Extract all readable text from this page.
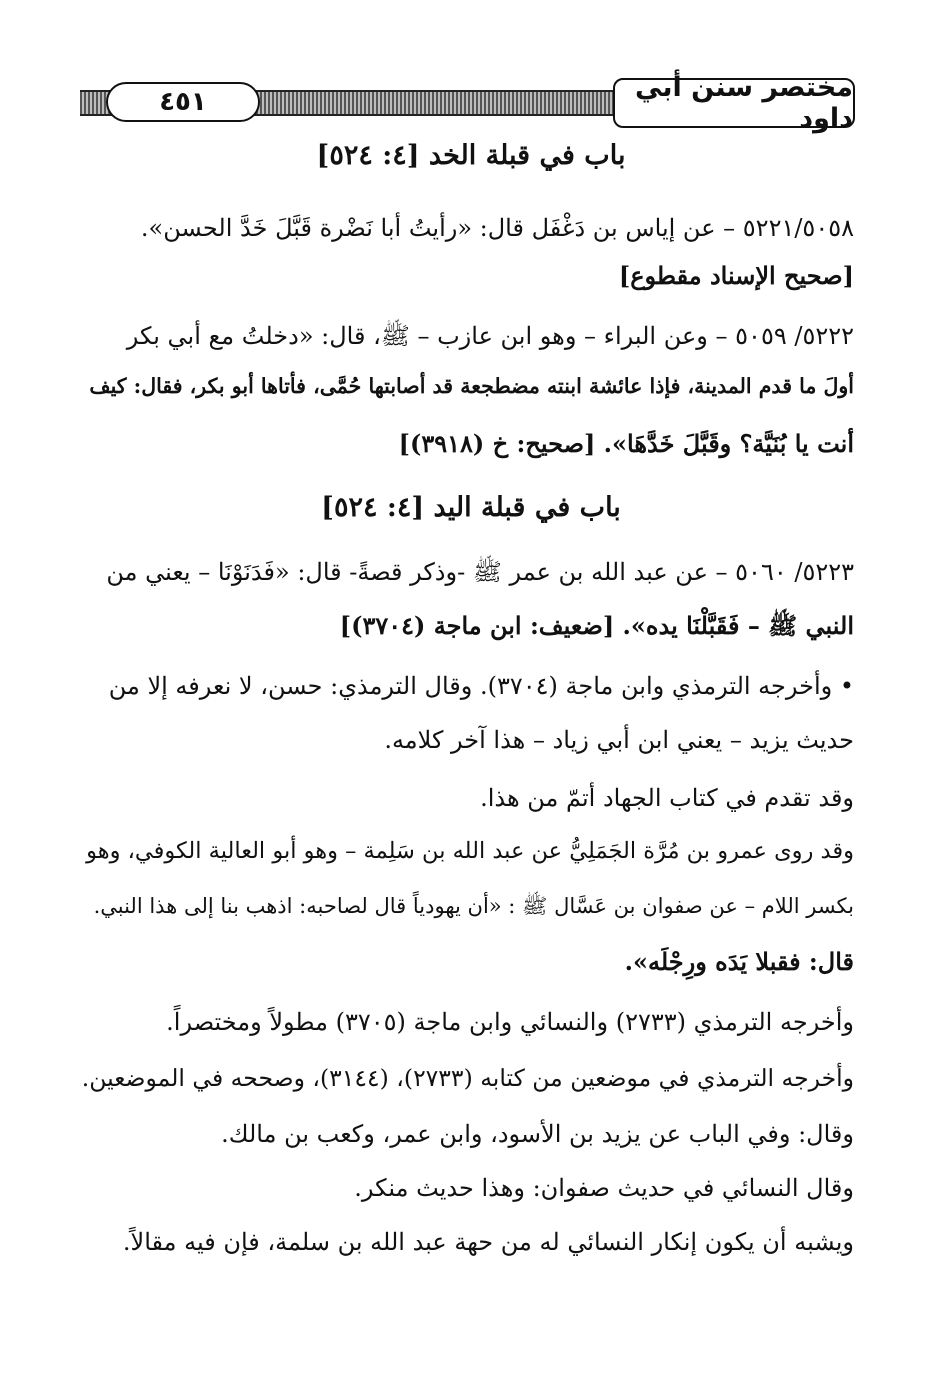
٤٥١	مختصر سنن أبي داود
باب في قبلة الخد [٤: ٥٢٤]
٥٢٢١/٥٠٥٨ – عن إياس بن دَغْفَل قال: «رأيتُ أبا نَضْرة قَبَّلَ خَدَّ الحسن».
[صحيح الإسناد مقطوع]
٥٢٢٢/ ٥٠٥٩ – وعن البراء – وهو ابن عازب – ﷺ، قال: «دخلتُ مع أبي بكر
أولَ ما قدم المدينة، فإذا عائشة ابنته مضطجعة قد أصابتها حُمَّى، فأتاها أبو بكر، فقال: كيف
أنت يا بُنَيَّة؟ وقَبَّلَ خَدَّهَا». [صحيح: خ (٣٩١٨)]
باب في قبلة اليد [٤: ٥٢٤]
٥٢٢٣/ ٥٠٦٠ – عن عبد الله بن عمر ﷺ -وذكر قصةً- قال: «فَدَنَوْنَا – يعني من
النبي ﷺ – فَقَبَّلْنَا يده». [ضعيف: ابن ماجة (٣٧٠٤)]
• وأخرجه الترمذي وابن ماجة (٣٧٠٤). وقال الترمذي: حسن، لا نعرفه إلا من
حديث يزيد – يعني ابن أبي زياد – هذا آخر كلامه.
وقد تقدم في كتاب الجهاد أتمّ من هذا.
وقد روى عمرو بن مُرَّة الجَمَلِيُّ عن عبد الله بن سَلِمة – وهو أبو العالية الكوفي، وهو
بكسر اللام – عن صفوان بن عَسَّال ﷺ : «أن يهودياً قال لصاحبه: اذهب بنا إلى هذا النبي.
قال: فقبلا يَدَه ورِجْلَه».
وأخرجه الترمذي (٢٧٣٣) والنسائي وابن ماجة (٣٧٠٥) مطولاً ومختصراً.
وأخرجه الترمذي في موضعين من كتابه (٢٧٣٣)، (٣١٤٤)، وصححه في الموضعين.
وقال: وفي الباب عن يزيد بن الأسود، وابن عمر، وكعب بن مالك.
وقال النسائي في حديث صفوان: وهذا حديث منكر.
ويشبه أن يكون إنكار النسائي له من حهة عبد الله بن سلمة، فإن فيه مقالاً.
